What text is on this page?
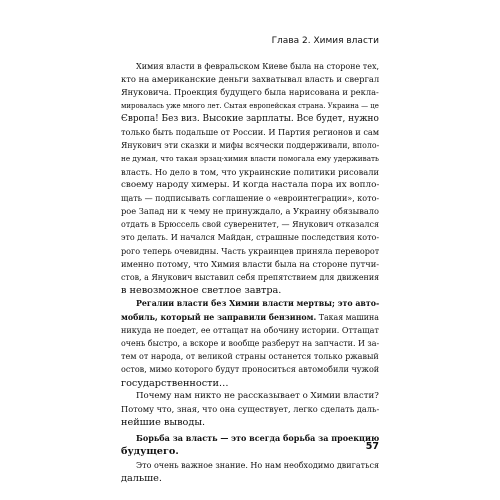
Глава 2. Химия власти
Химия власти в февральском Киеве была на стороне тех,
кто на американские деньги захватывал власть и свергал
Януковича. Проекция будущего была нарисована и рекла-
мировалась уже много лет. Сытая европейская страна. Украина — це
Європа! Без виз. Высокие зарплаты. Все будет, нужно
только быть подальше от России. И Партия регионов и сам
Янукович эти сказки и мифы всячески поддерживали, вполо-
не думая, что такая эрзац-химия власти помогала ему удерживать
власть. Но дело в том, что украинские политики рисовали
своему народу химеры. И когда настала пора их вопло-
щать — подписывать соглашение о «евроинтеграции», кото-
рое Запад ни к чему не принуждало, а Украину обязывало
отдать в Брюссель свой суверенитет, — Янукович отказался
это делать. И начался Майдан, страшные последствия кото-
рого теперь очевидны. Часть украинцев приняла переворот
именно потому, что Химия власти была на стороне путчи-
стов, а Янукович выставил себя препятствием для движения
в невозможное светлое завтра.
Регалии власти без Химии власти мертвы; это авто-
мобиль, который не заправили бензином. Такая машина
никуда не поедет, ее оттащат на обочину истории. Оттащат
очень быстро, а вскоре и вообще разберут на запчасти. И за-
тем от народа, от великой страны останется только ржавый
остов, мимо которого будут проноситься автомобили чужой
государственности…
Почему нам никто не рассказывает о Химии власти?
Потому что, зная, что она существует, легко сделать даль-
нейшие выводы.
Борьба за власть — это всегда борьба за проекцию
будущего.
Это очень важное знание. Но нам необходимо двигаться
дальше.
57
